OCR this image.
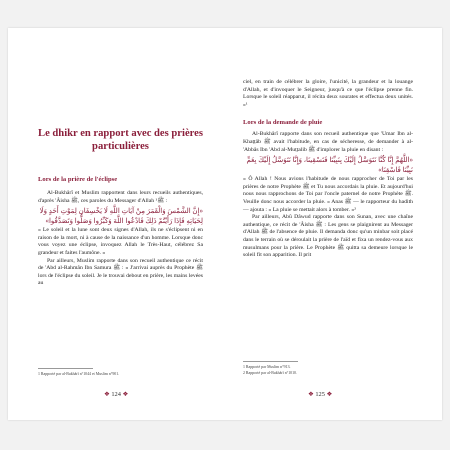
Le dhikr en rapport avec des prières particulières
Lors de la prière de l'éclipse

Al-Bukhârî et Muslim rapportent dans leurs recueils authentiques, d'après 'Âisha ﷺ, ces paroles du Messager d'Allah ﷺ¹ :

«إِنَّ الشَّمْسَ وَالْقَمَرَ مِنْ آيَاتِ اللَّهِ لَا يَخْسِفَانِ لِمَوْتِ أَحَدٍ وَلَا لِحَيَاتِهِ فَإِذَا رَأَيْتُمْ ذَلِكَ فَادْعُوا اللَّهَ وَكَبِّرُوا وَصَلُّوا وَتَصَدَّقُوا»

« Le soleil et la lune sont deux signes d'Allah, ils ne s'éclipsent ni en raison de la mort, ni à cause de la naissance d'un homme. Lorsque donc vous voyez une éclipse, invoquez Allah le Très-Haut, célébrez Sa grandeur et faites l'aumône. »

Par ailleurs, Muslim rapporte dans son recueil authentique ce récit de 'Abd al-Rahmân Ibn Samura ﷺ : « J'arrivai auprès du Prophète ﷺ lors de l'éclipse du soleil. Je le trouvai debout en prière, les mains levées au

1 Rapporté par al-Bukhârî n°1044 et Muslim n°901.
❖ 124 ❖

ciel, en train de célébrer la gloire, l'unicité, la grandeur et la louange d'Allah, et d'invoquer le Seigneur, jusqu'à ce que l'éclipse prenne fin. Lorsque le soleil réapparut, il récita deux sourates et effectua deux unités. »¹

Lors de la demande de pluie

Al-Bukhârî rapporte dans son recueil authentique que 'Umar Ibn al-Khaṭṭâb ﷺ avait l'habitude, en cas de sécheresse, de demander à al-'Abbâs Ibn 'Abd al-Muṭṭalib ﷺ d'implorer la pluie en disant :

«اللَّهُمَّ إِنَّا كُنَّا نَتَوَسَّلُ إِلَيْكَ بِنَبِيِّنَا فَتَسْقِينَا، وَإِنَّا نَتَوَسَّلُ إِلَيْكَ بِعَمِّ نَبِيِّنَا فَاسْقِنَا»

« Ô Allah ! Nous avions l'habitude de nous rapprocher de Toi par les prières de notre Prophète ﷺ et Tu nous accordais la pluie. Et aujourd'hui nous nous rapprochons de Toi par l'oncle paternel de notre Prophète ﷺ. Veuille donc nous accorder la pluie. » Anas ﷺ — le rapporteur du hadith — ajouta : « La pluie se mettait alors à tomber. »²

Par ailleurs, Abû Dâwud rapporte dans son Sunan, avec une chaîne authentique, ce récit de 'Âisha ﷺ : Les gens se plaignirent au Messager d'Allah ﷺ de l'absence de pluie. Il demanda donc qu'un minbar soit placé dans le terrain où se déroulait la prière de l'aïd et fixa un rendez-vous aux musulmans pour la prière. Le Prophète ﷺ quitta sa demeure lorsque le soleil fit son apparition. Il prit

1 Rapporté par Muslim n°913.
2 Rapporté par al-Bukhârî n°1010.
❖ 125 ❖
